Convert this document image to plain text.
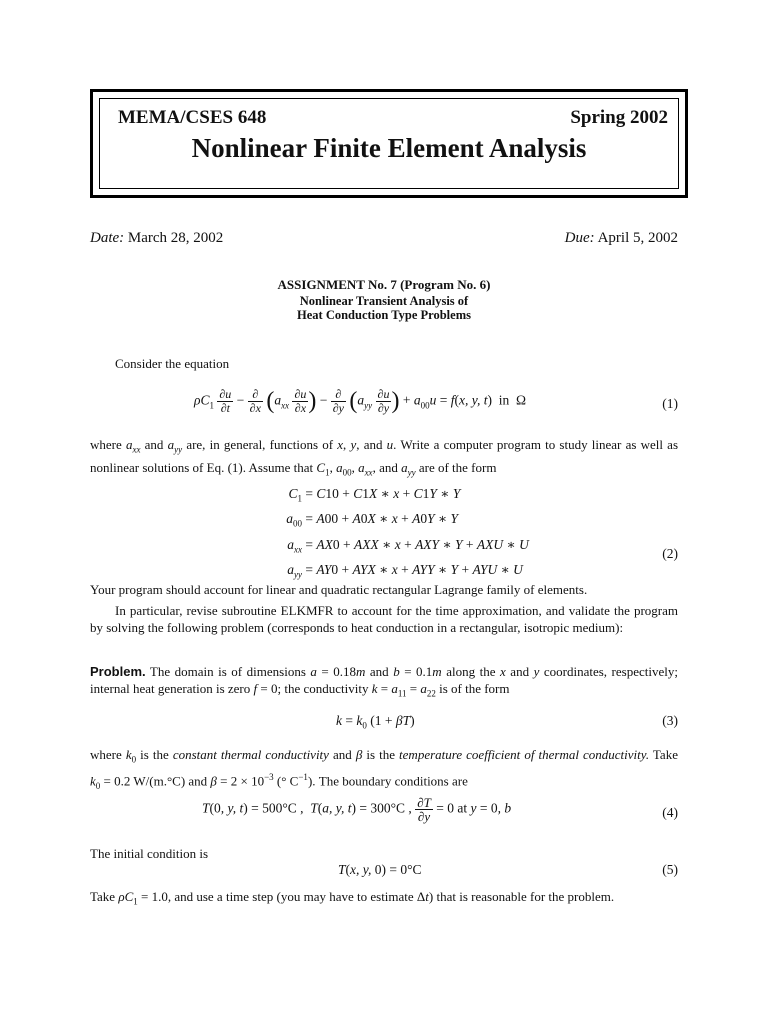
MEMA/CSES 648	Spring 2002
Nonlinear Finite Element Analysis
Date: March 28, 2002	Due: April 5, 2002
ASSIGNMENT No. 7 (Program No. 6)
Nonlinear Transient Analysis of
Heat Conduction Type Problems
Consider the equation
$\rho C_1 \frac{\partial u}{\partial t} - \frac{\partial}{\partial x} (a_{xx} \frac{\partial u}{\partial x}$ ) − $\frac{\partial}{\partial y} (a_{yy} \frac{\partial u}{\partial y}$ ) + $a_{00}u = f(x$, y, t)  in  Ω	(1)
where $a_{xx}$ and $a_{yy}$ are, in general, functions of x, y, and u. Write a computer program to study linear as well as nonlinear solutions of Eq. (1). Assume that $C_1$, $a_{00}$, $a_{xx}$, and $a_{yy}$ are of the form
$C_1 = C10 + C1X$ ∗ x + C1Y ∗ Y
$a_{00} = A00 + A0X$ ∗ x + A0Y ∗ Y
$a_{xx} = AX0$ + AXX ∗ x + AXY ∗ Y + AXU ∗ U
$a_{yy} = AY0$ + AYX ∗ x + AYY ∗ Y + AYU ∗ U
(2)
Your program should account for linear and quadratic rectangular Lagrange family of elements.
In particular, revise subroutine ELKMFR to account for the time approximation, and validate the program by solving the following problem (corresponds to heat conduction in a rectangular, isotropic medium):
Problem. The domain is of dimensions a = 0.18m and b = 0.1m along the x and y coordinates, respectively; internal heat generation is zero f = 0; the conductivity $k = a_{11} = a_{22}$ is of the form
$k = k_0$ (1 + βT)	(3)
where $k_0$ is the constant thermal conductivity and β is the temperature coefficient of thermal conductivity. Take $k_0 = 0.2$ W/(m.°C) and $\beta = 2 \times 10^{-3}$ (° $C^{-1}$). The boundary conditions are
T(0, y, t) = 500°C ,  T(a, y, t) = 300°C , $\frac{\partial T}{\partial y} = 0$ at y = 0, b	(4)
The initial condition is
T(x, y, 0) = 0°C	(5)
Take $\rho C_1 = 1.0$, and use a time step (you may have to estimate Δt) that is reasonable for the problem.
